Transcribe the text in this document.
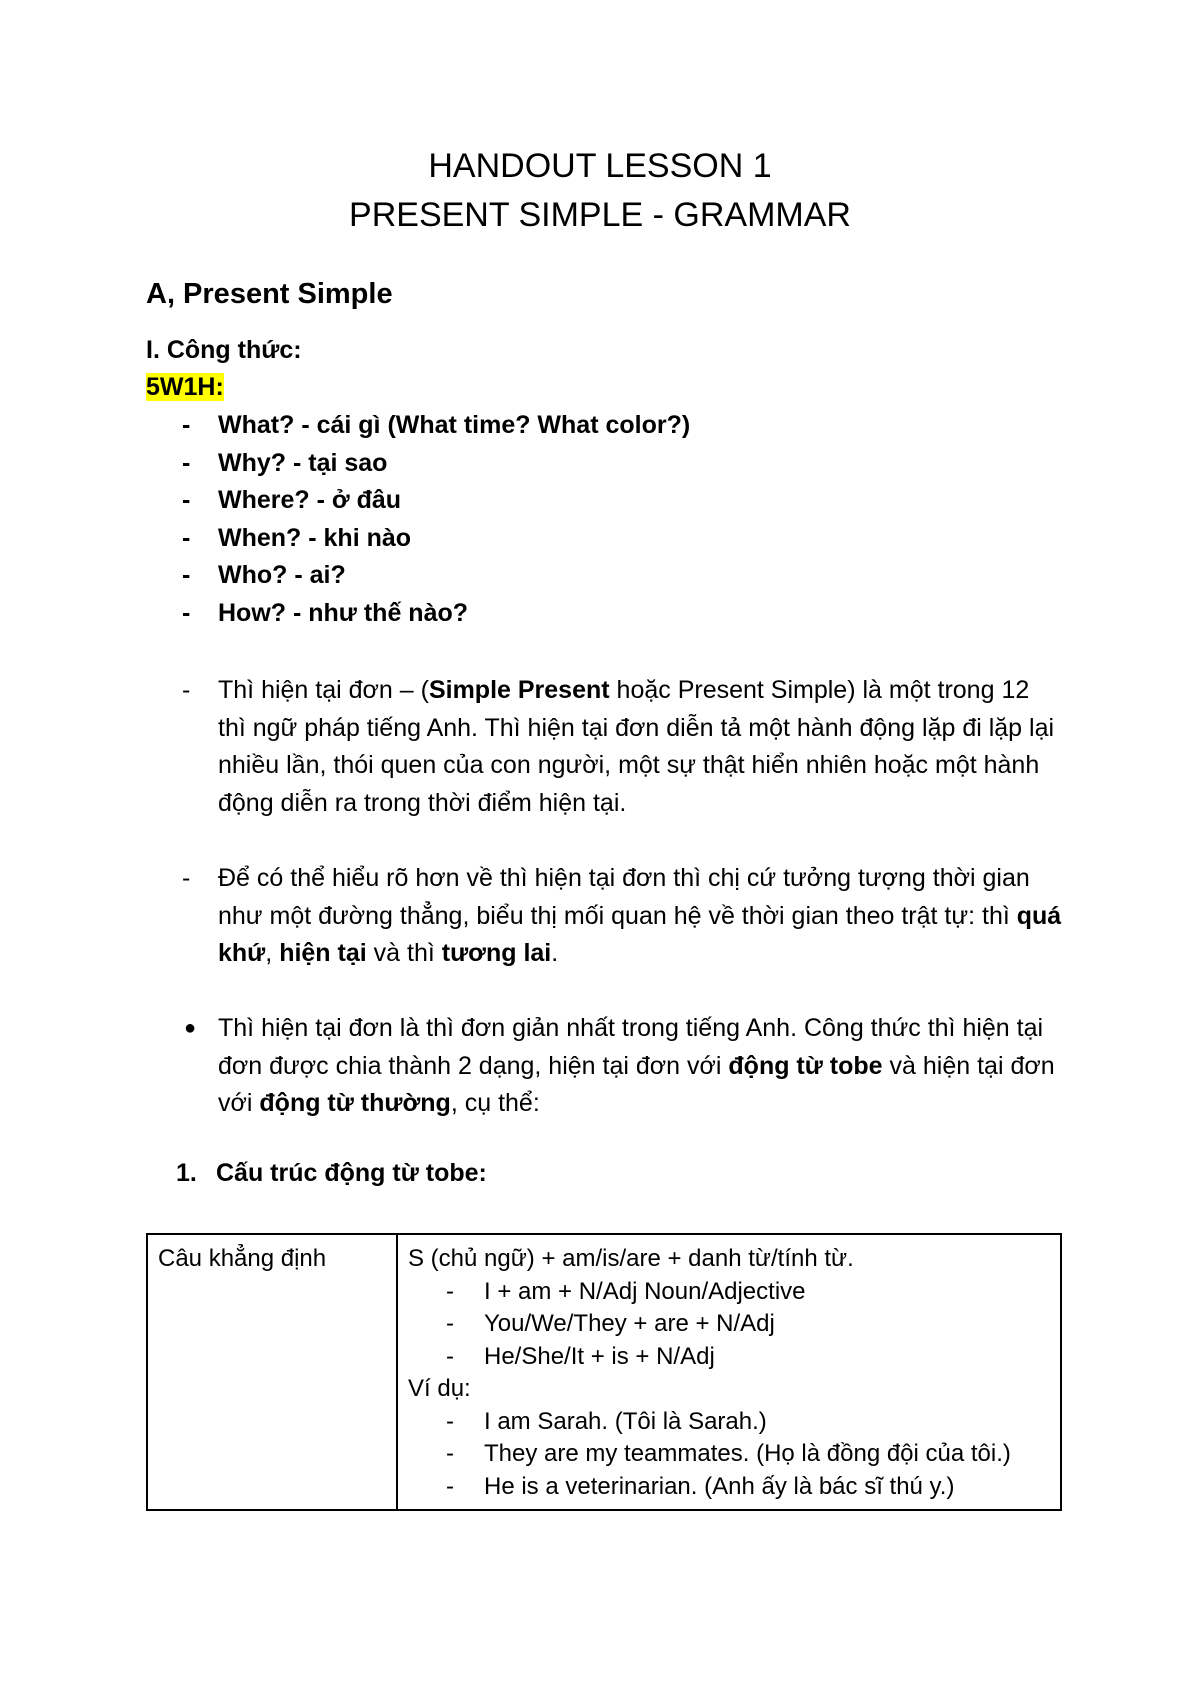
HANDOUT LESSON 1
PRESENT SIMPLE - GRAMMAR
A, Present Simple
I. Công thức:
5W1H:
- What? - cái gì (What time? What color?)
- Why? - tại sao
- Where? - ở đâu
- When? - khi nào
- Who? - ai?
- How? - như thế nào?
- Thì hiện tại đơn – (Simple Present hoặc Present Simple) là một trong 12 thì ngữ pháp tiếng Anh. Thì hiện tại đơn diễn tả một hành động lặp đi lặp lại nhiều lần, thói quen của con người, một sự thật hiển nhiên hoặc một hành động diễn ra trong thời điểm hiện tại.
- Để có thể hiểu rõ hơn về thì hiện tại đơn thì chị cứ tưởng tượng thời gian như một đường thẳng, biểu thị mối quan hệ về thời gian theo trật tự: thì quá khứ, hiện tại và thì tương lai.
● Thì hiện tại đơn là thì đơn giản nhất trong tiếng Anh. Công thức thì hiện tại đơn được chia thành 2 dạng, hiện tại đơn với động từ tobe và hiện tại đơn với động từ thường, cụ thể:
1. Cấu trúc động từ tobe:
Câu khẳng định	S (chủ ngữ) + am/is/are + danh từ/tính từ.
- I + am + N/Adj Noun/Adjective
- You/We/They + are + N/Adj
- He/She/It + is + N/Adj
Ví dụ:
- I am Sarah. (Tôi là Sarah.)
- They are my teammates. (Họ là đồng đội của tôi.)
- He is a veterinarian. (Anh ấy là bác sĩ thú y.)
